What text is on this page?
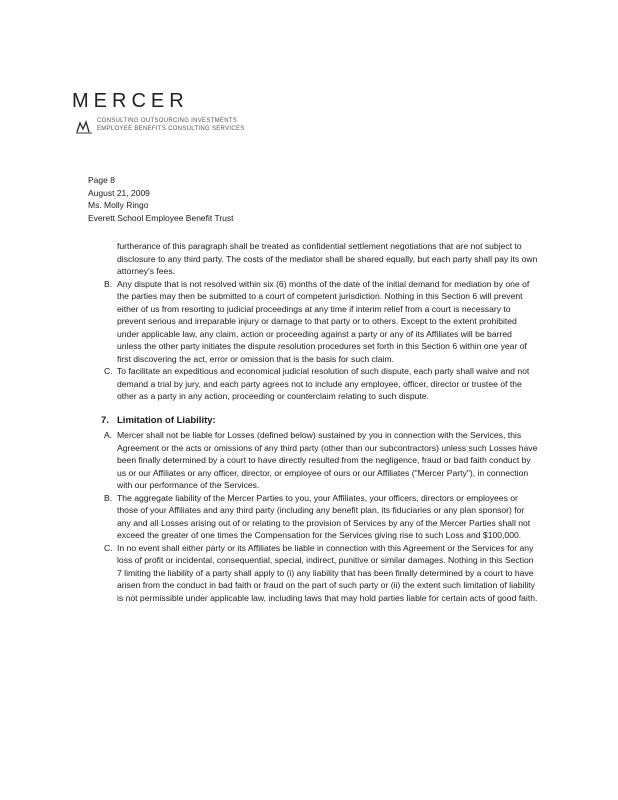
MERCER
CONSULTING OUTSOURCING INVESTMENTS
EMPLOYEE BENEFITS CONSULTING SERVICES
Page 8
August 21, 2009
Ms. Molly Ringo
Everett School Employee Benefit Trust
furtherance of this paragraph shall be treated as confidential settlement negotiations that are not subject to disclosure to any third party. The costs of the mediator shall be shared equally, but each party shall pay its own attorney's fees.
B. Any dispute that is not resolved within six (6) months of the date of the initial demand for mediation by one of the parties may then be submitted to a court of competent jurisdiction. Nothing in this Section 6 will prevent either of us from resorting to judicial proceedings at any time if interim relief from a court is necessary to prevent serious and irreparable injury or damage to that party or to others. Except to the extent prohibited under applicable law, any claim, action or proceeding against a party or any of its Affiliates will be barred unless the other party initiates the dispute resolution procedures set forth in this Section 6 within one year of first discovering the act, error or omission that is the basis for such claim.
C. To facilitate an expeditious and economical judicial resolution of such dispute, each party shall waive and not demand a trial by jury, and each party agrees not to include any employee, officer, director or trustee of the other as a party in any action, proceeding or counterclaim relating to such dispute.
7. Limitation of Liability:
A. Mercer shall not be liable for Losses (defined below) sustained by you in connection with the Services, this Agreement or the acts or omissions of any third party (other than our subcontractors) unless such Losses have been finally determined by a court to have directly resulted from the negligence, fraud or bad faith conduct by us or our Affiliates or any officer, director, or employee of ours or our Affiliates ("Mercer Party"), in connection with our performance of the Services.
B. The aggregate liability of the Mercer Parties to you, your Affiliates, your officers, directors or employees or those of your Affiliates and any third party (including any benefit plan, its fiduciaries or any plan sponsor) for any and all Losses arising out of or relating to the provision of Services by any of the Mercer Parties shall not exceed the greater of one times the Compensation for the Services giving rise to such Loss and $100,000.
C. In no event shall either party or its Affiliates be liable in connection with this Agreement or the Services for any loss of profit or incidental, consequential, special, indirect, punitive or similar damages. Nothing in this Section 7 limiting the liability of a party shall apply to (i) any liability that has been finally determined by a court to have arisen from the conduct in bad faith or fraud on the part of such party or (ii) the extent such limitation of liability is not permissible under applicable law, including laws that may hold parties liable for certain acts of good faith.
